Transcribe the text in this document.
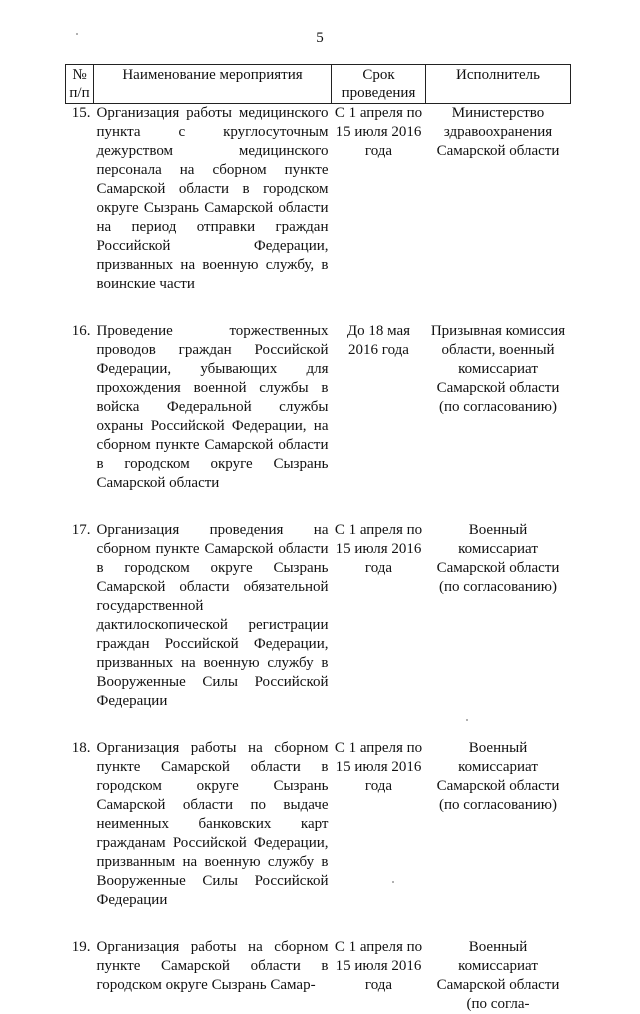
5
№ п/п	Наименование мероприятия	Срок проведения	Исполнитель
15.	Организация работы медицинского пункта с круглосуточным дежурством медицинского персонала на сборном пункте Самарской области в городском округе Сызрань Самарской области на период отправки граждан Российской Федерации, призванных на военную службу, в воинские части	С 1 апреля по 15 июля 2016 года	Министерство здравоохранения Самарской области

16.	Проведение торжественных проводов граждан Российской Федерации, убывающих для прохождения военной службы в войска Федеральной службы охраны Российской Федерации, на сборном пункте Самарской области в городском округе Сызрань Самарской области	До 18 мая 2016 года	Призывная комиссия области, военный комиссариат Самарской области (по согласованию)

17.	Организация проведения на сборном пункте Самарской области в городском округе Сызрань Самарской области обязательной государственной дактилоскопической регистрации граждан Российской Федерации, призванных на военную службу в Вооруженные Силы Российской Федерации	С 1 апреля по 15 июля 2016 года	Военный комиссариат Самарской области (по согласованию)

18.	Организация работы на сборном пункте Самарской области в городском округе Сызрань Самарской области по выдаче неименных банковских карт гражданам Российской Федерации, призванным на военную службу в Вооруженные Силы Российской Федерации	С 1 апреля по 15 июля 2016 года	Военный комиссариат Самарской области (по согласованию)

19.	Организация работы на сборном пункте Самарской области в городском округе Сызрань Самар-	С 1 апреля по 15 июля 2016 года	Военный комиссариат Самарской области (по согла-
